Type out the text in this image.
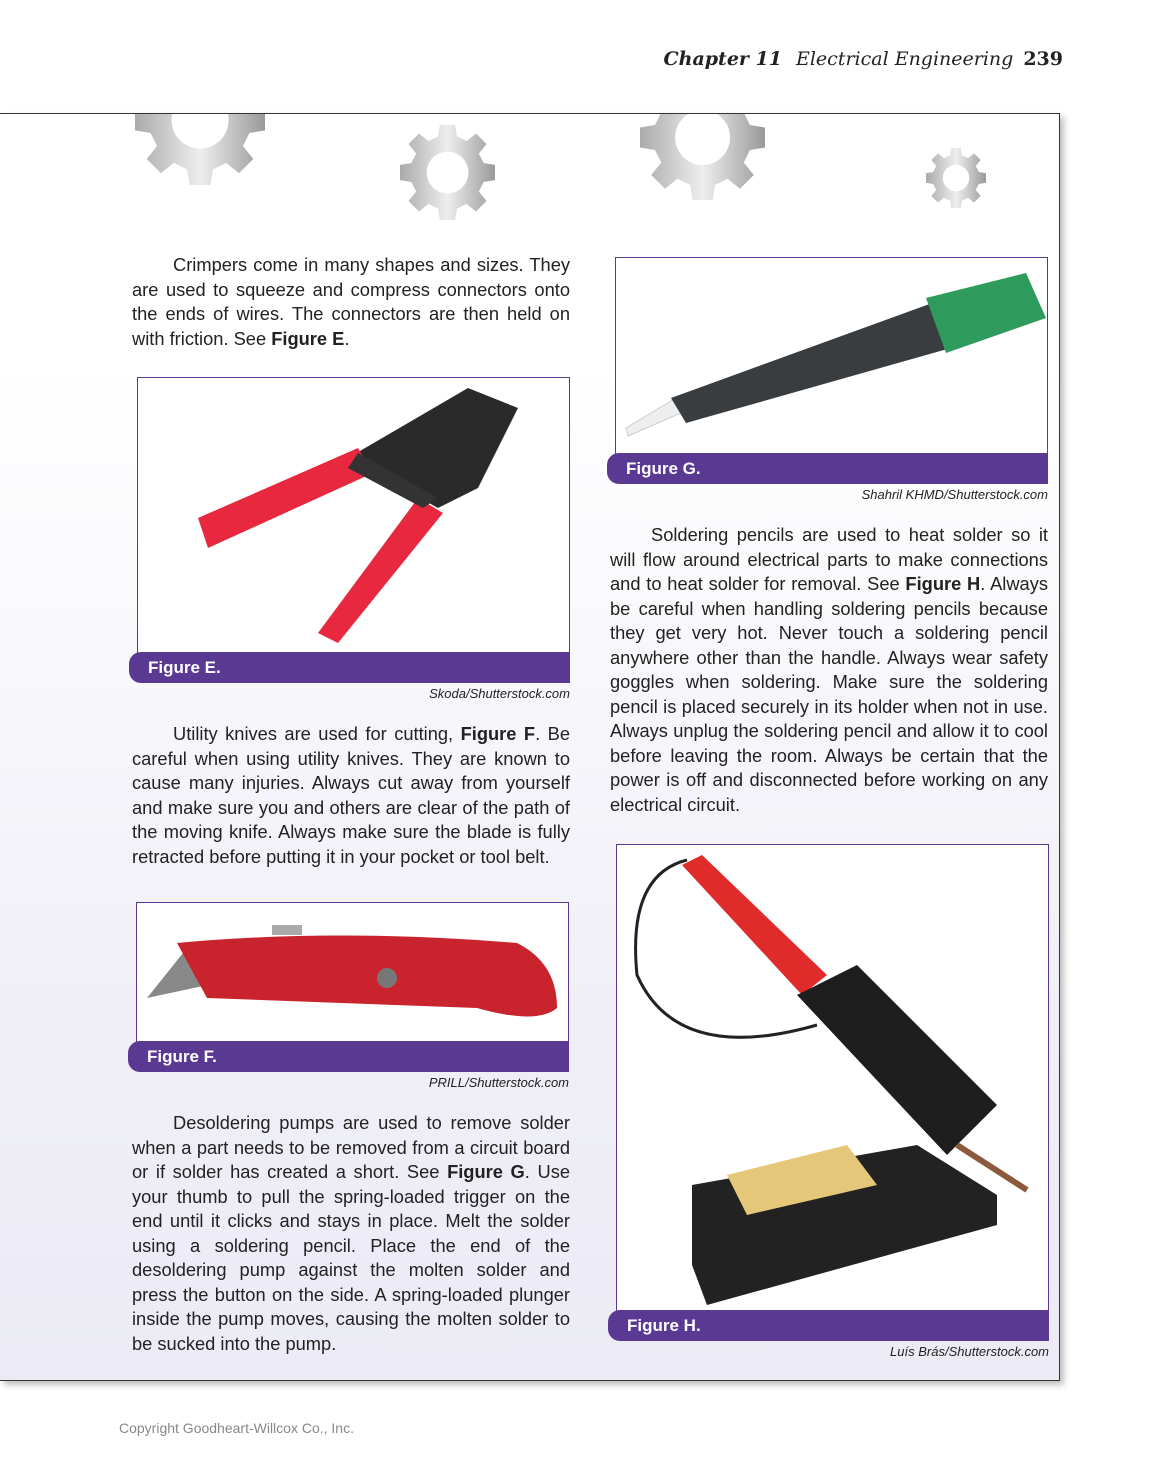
Chapter 11 Electrical Engineering 239

Crimpers come in many shapes and sizes. They are used to squeeze and compress connectors onto the ends of wires. The connectors are then held on with friction. See Figure E.

Figure E.
Skoda/Shutterstock.com

Utility knives are used for cutting, Figure F. Be careful when using utility knives. They are known to cause many injuries. Always cut away from yourself and make sure you and others are clear of the path of the moving knife. Always make sure the blade is fully retracted before putting it in your pocket or tool belt.

Figure F.
PRILL/Shutterstock.com

Desoldering pumps are used to remove solder when a part needs to be removed from a circuit board or if solder has created a short. See Figure G. Use your thumb to pull the spring-loaded trigger on the end until it clicks and stays in place. Melt the solder using a soldering pencil. Place the end of the desoldering pump against the molten solder and press the button on the side. A spring-loaded plunger inside the pump moves, causing the molten solder to be sucked into the pump.

Figure G.
Shahril KHMD/Shutterstock.com

Soldering pencils are used to heat solder so it will flow around electrical parts to make connections and to heat solder for removal. See Figure H. Always be careful when handling soldering pencils because they get very hot. Never touch a soldering pencil anywhere other than the handle. Always wear safety goggles when soldering. Make sure the soldering pencil is placed securely in its holder when not in use. Always unplug the soldering pencil and allow it to cool before leaving the room. Always be certain that the power is off and disconnected before working on any electrical circuit.

Figure H.
Luís Brás/Shutterstock.com
Copyright Goodheart-Willcox Co., Inc.
